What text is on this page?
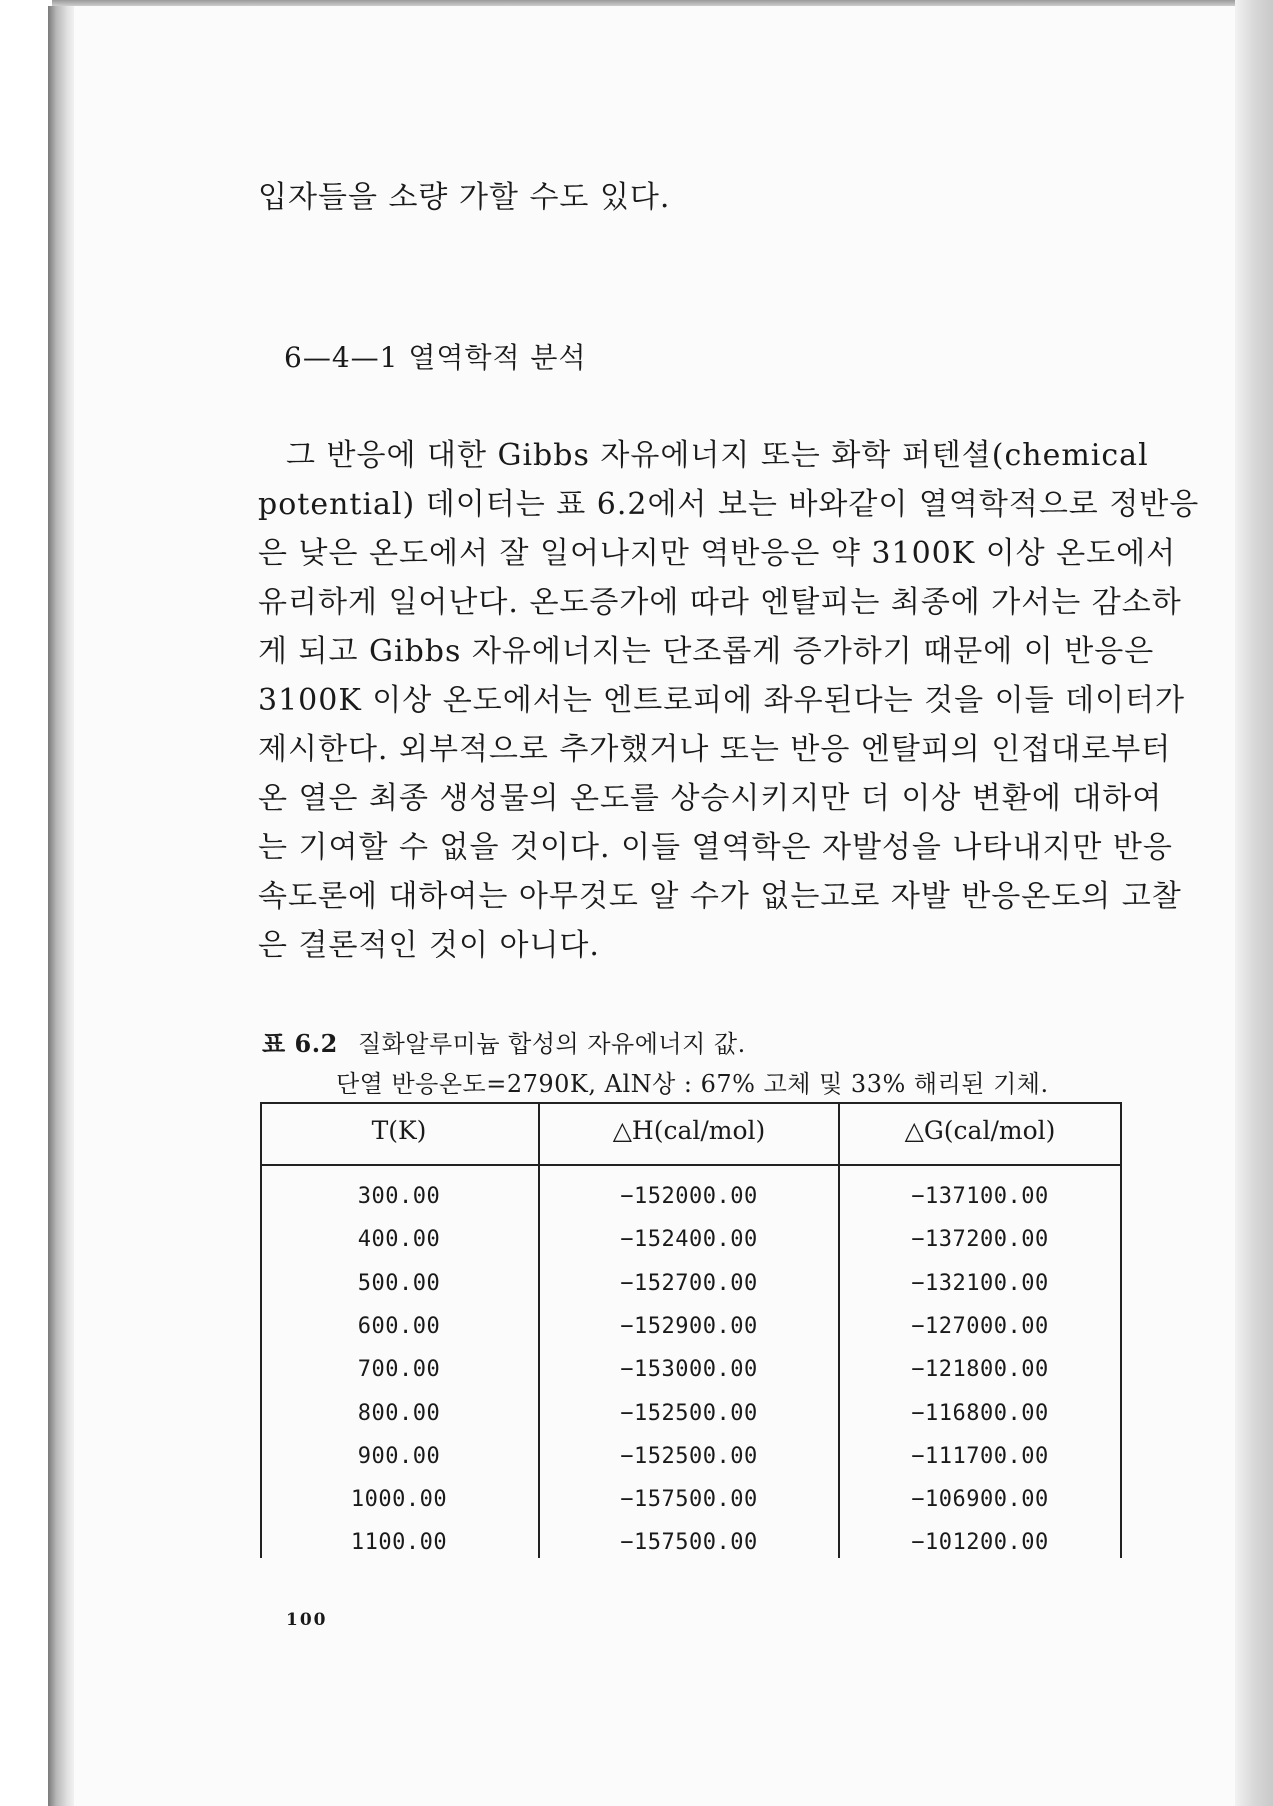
입자들을 소량 가할 수도 있다.
6—4—1 열역학적 분석
그 반응에 대한 Gibbs 자유에너지 또는 화학 퍼텐셜(chemical
potential) 데이터는 표 6.2에서 보는 바와같이 열역학적으로 정반응
은 낮은 온도에서 잘 일어나지만 역반응은 약 3100K 이상 온도에서
유리하게 일어난다. 온도증가에 따라 엔탈피는 최종에 가서는 감소하
게 되고 Gibbs 자유에너지는 단조롭게 증가하기 때문에 이 반응은
3100K 이상 온도에서는 엔트로피에 좌우된다는 것을 이들 데이터가
제시한다. 외부적으로 추가했거나 또는 반응 엔탈피의 인접대로부터
온 열은 최종 생성물의 온도를 상승시키지만 더 이상 변환에 대하여
는 기여할 수 없을 것이다. 이들 열역학은 자발성을 나타내지만 반응
속도론에 대하여는 아무것도 알 수가 없는고로 자발 반응온도의 고찰
은 결론적인 것이 아니다.
표 6.2 질화알루미늄 합성의 자유에너지 값.
단열 반응온도=2790K, AlN상 : 67% 고체 및 33% 해리된 기체.
T(K)	△H(cal/mol)	△G(cal/mol)
300.00	−152000.00	−137100.00
400.00	−152400.00	−137200.00
500.00	−152700.00	−132100.00
600.00	−152900.00	−127000.00
700.00	−153000.00	−121800.00
800.00	−152500.00	−116800.00
900.00	−152500.00	−111700.00
1000.00	−157500.00	−106900.00
1100.00	−157500.00	−101200.00
100
